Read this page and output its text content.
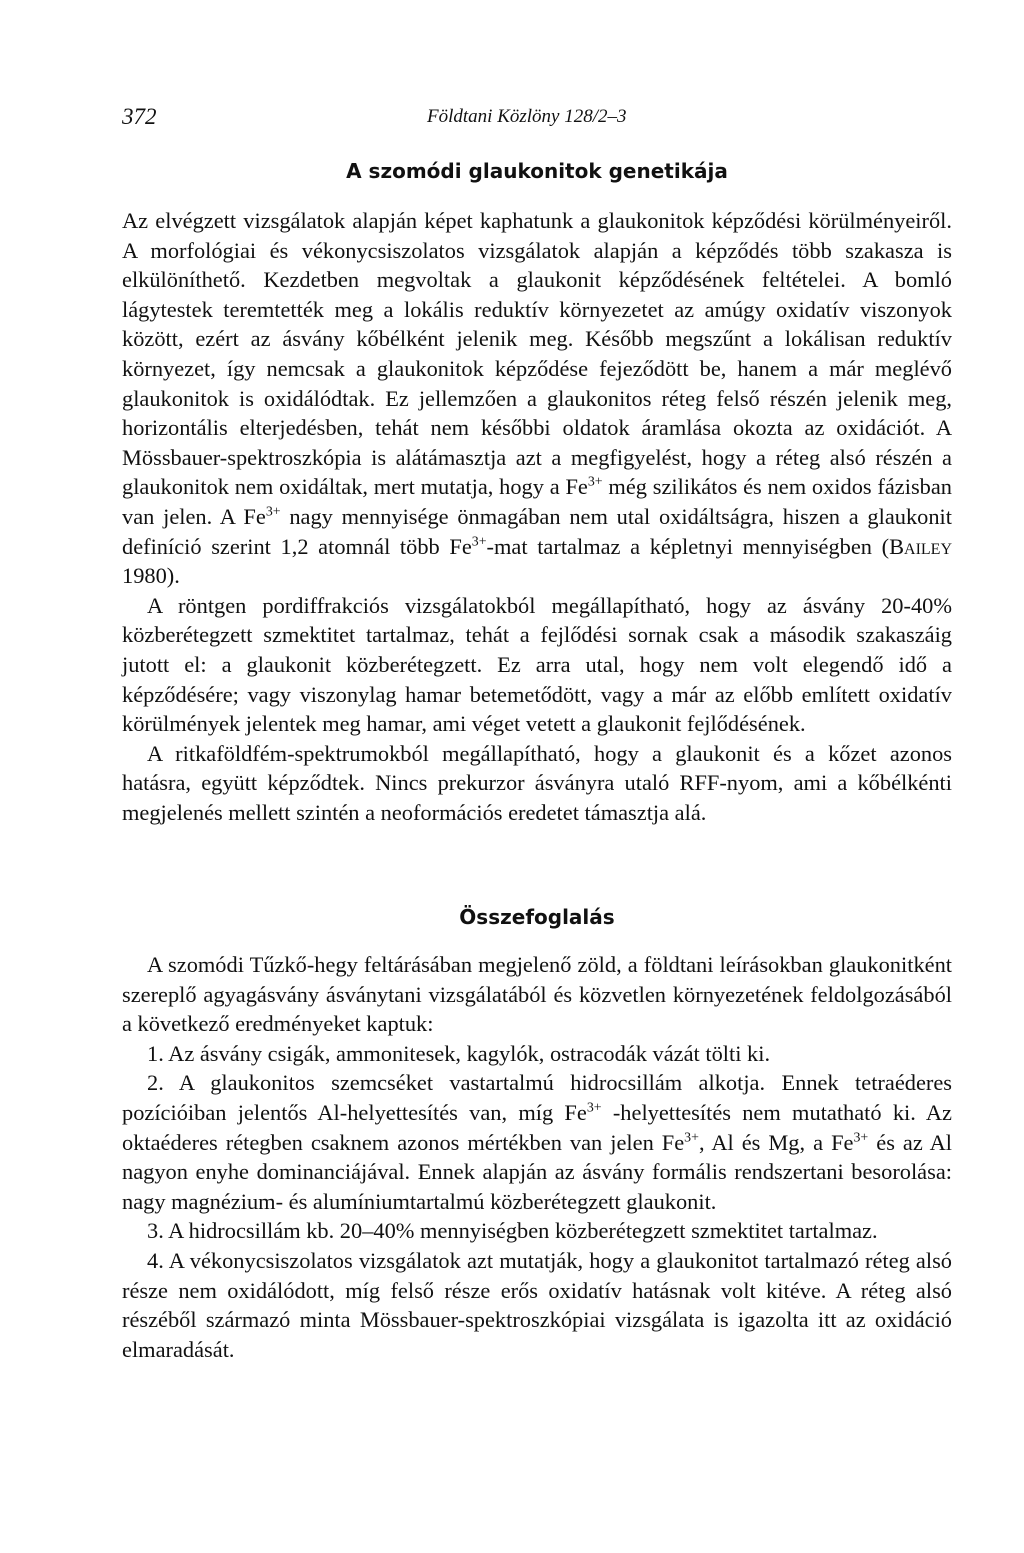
372	Földtani Közlöny 128/2–3
A szomódi glaukonitok genetikája

Az elvégzett vizsgálatok alapján képet kaphatunk a glaukonitok képződési körülményeiről. A morfológiai és vékonycsiszolatos vizsgálatok alapján a képződés több szakasza is elkülöníthető. Kezdetben megvoltak a glaukonit képződésének feltételei. A bomló lágytestek teremtették meg a lokális reduktív környezetet az amúgy oxidatív viszonyok között, ezért az ásvány kőbélként jelenik meg. Később megszűnt a lokálisan reduktív környezet, így nemcsak a glaukonitok képződése fejeződött be, hanem a már meglévő glaukonitok is oxidálódtak. Ez jellemzően a glaukonitos réteg felső részén jelenik meg, horizontális elterjedésben, tehát nem későbbi oldatok áramlása okozta az oxidációt. A Mössbauer-spektroszkópia is alátámasztja azt a megfigyelést, hogy a réteg alsó részén a glaukonitok nem oxidáltak, mert mutatja, hogy a $Fe^{3+}$ még szilikátos és nem oxidos fázisban van jelen. A $Fe^{3+}$ nagy mennyisége önmagában nem utal oxidáltságra, hiszen a glaukonit definíció szerint 1,2 atomnál több $Fe^{3+}$-mat tartalmaz a képletnyi mennyiségben (Bailey 1980).

A röntgen pordiffrakciós vizsgálatokból megállapítható, hogy az ásvány 20-40% közberétegzett szmektitet tartalmaz, tehát a fejlődési sornak csak a második szakaszáig jutott el: a glaukonit közberétegzett. Ez arra utal, hogy nem volt elegendő idő a képződésére; vagy viszonylag hamar betemetődött, vagy a már az előbb említett oxidatív körülmények jelentek meg hamar, ami véget vetett a glaukonit fejlődésének.

A ritkaföldfém-spektrumokból megállapítható, hogy a glaukonit és a kőzet azonos hatásra, együtt képződtek. Nincs prekurzor ásványra utaló RFF-nyom, ami a kőbélkénti megjelenés mellett szintén a neoformációs eredetet támasztja alá.

Összefoglalás

A szomódi Tűzkő-hegy feltárásában megjelenő zöld, a földtani leírásokban glaukonitként szereplő agyagásvány ásványtani vizsgálatából és közvetlen környezetének feldolgozásából a következő eredményeket kaptuk:

1. Az ásvány csigák, ammonitesek, kagylók, ostracodák vázát tölti ki.

2. A glaukonitos szemcséket vastartalmú hidrocsillám alkotja. Ennek tetraéderes pozícióiban jelentős Al-helyettesítés van, míg $Fe^{3+}$ -helyettesítés nem mutatható ki. Az oktaéderes rétegben csaknem azonos mértékben van jelen $Fe^{3+}$, Al és Mg, a $Fe^{3+}$ és az Al nagyon enyhe dominanciájával. Ennek alapján az ásvány formális rendszertani besorolása: nagy magnézium- és alumíniumtartalmú közberétegzett glaukonit.

3. A hidrocsillám kb. 20–40% mennyiségben közberétegzett szmektitet tartalmaz.

4. A vékonycsiszolatos vizsgálatok azt mutatják, hogy a glaukonitot tartalmazó réteg alsó része nem oxidálódott, míg felső része erős oxidatív hatásnak volt kitéve. A réteg alsó részéből származó minta Mössbauer-spektroszkópiai vizsgálata is igazolta itt az oxidáció elmaradását.
